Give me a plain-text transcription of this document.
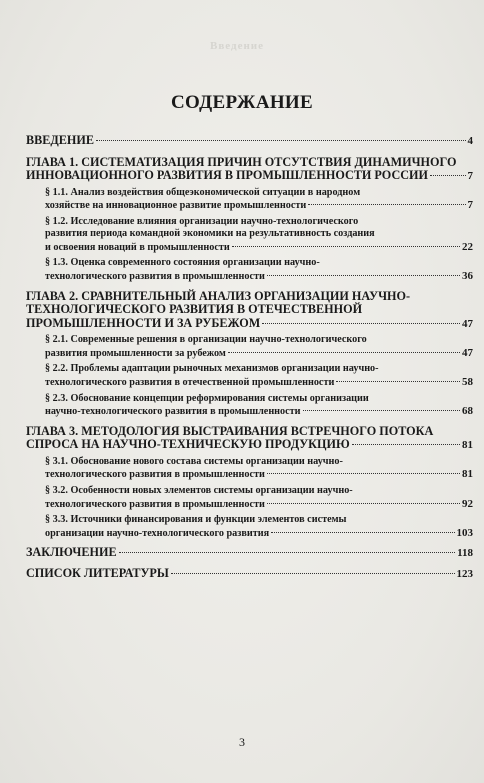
Введение
СОДЕРЖАНИЕ
ВВЕДЕНИЕ	4
ГЛАВА 1. СИСТЕМАТИЗАЦИЯ ПРИЧИН ОТСУТСТВИЯ ДИНАМИЧНОГО
ИННОВАЦИОННОГО РАЗВИТИЯ В ПРОМЫШЛЕННОСТИ РОССИИ	7
§ 1.1. Анализ воздействия общеэкономической ситуации в народном
хозяйстве на инновационное развитие промышленности	7
§ 1.2. Исследование влияния организации научно-технологического
развития периода командной экономики на результативность создания
и освоения новаций в промышленности	22
§ 1.3. Оценка современного состояния организации научно-
технологического развития в промышленности	36
ГЛАВА 2. СРАВНИТЕЛЬНЫЙ АНАЛИЗ ОРГАНИЗАЦИИ НАУЧНО-
ТЕХНОЛОГИЧЕСКОГО РАЗВИТИЯ В ОТЕЧЕСТВЕННОЙ
ПРОМЫШЛЕННОСТИ И ЗА РУБЕЖОМ	47
§ 2.1. Современные решения в организации научно-технологического
развития промышленности за рубежом	47
§ 2.2. Проблемы адаптации рыночных механизмов организации научно-
технологического развития в отечественной промышленности	58
§ 2.3. Обоснование концепции реформирования системы организации
научно-технологического развития в промышленности	68
ГЛАВА 3. МЕТОДОЛОГИЯ ВЫСТРАИВАНИЯ ВСТРЕЧНОГО ПОТОКА
СПРОСА НА НАУЧНО-ТЕХНИЧЕСКУЮ ПРОДУКЦИЮ	81
§ 3.1. Обоснование нового состава системы организации научно-
технологического развития в промышленности	81
§ 3.2. Особенности новых элементов системы организации научно-
технологического развития в промышленности	92
§ 3.3. Источники финансирования и функции элементов системы
организации научно-технологического развития	103
ЗАКЛЮЧЕНИЕ	118
СПИСОК ЛИТЕРАТУРЫ	123
3
